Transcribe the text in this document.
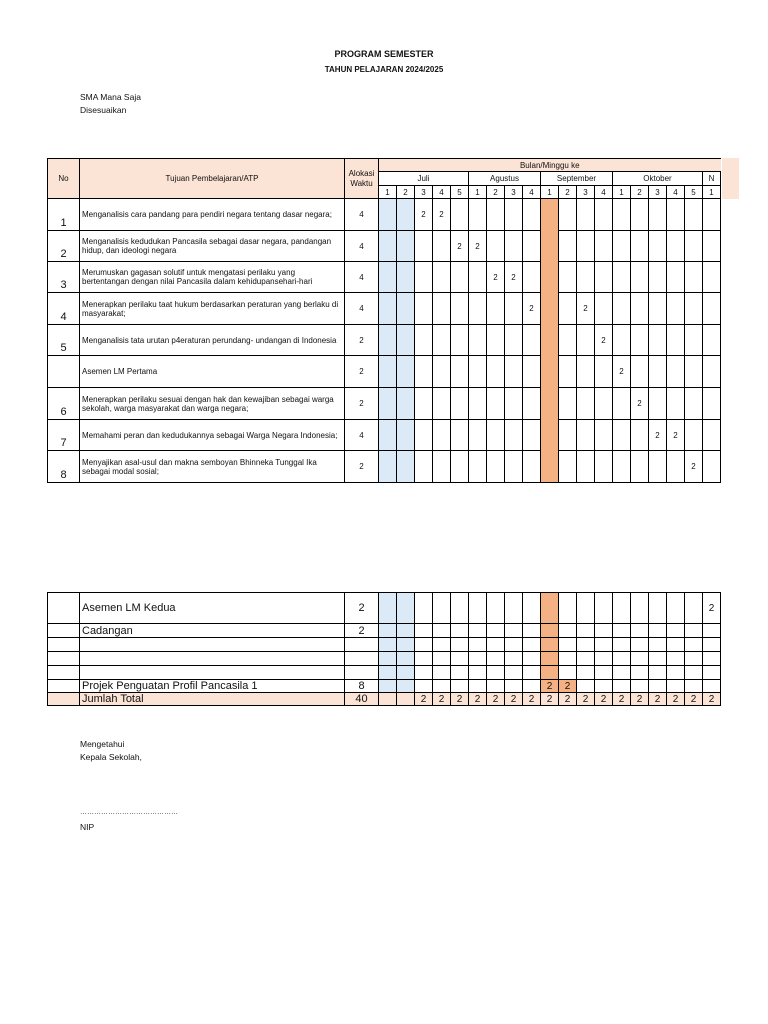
PROGRAM SEMESTER
TAHUN PELAJARAN 2024/2025
SMA Mana Saja
Disesuaikan
No	Tujuan Pembelajaran/ATP	Alokasi Waktu	Bulan/Minggu ke																		
			Juli					Agustus				September				Oktober					N
			1	2	3	4	5	1	2	3	4	1	2	3	4	1	2	3	4	5	1
1	Menganalisis cara pandang para pendiri negara tentang dasar negara;	4			2	2															
2	Menganalisis kedudukan Pancasila sebagai dasar negara, pandangan hidup, dan ideologi negara	4					2	2													
3	Merumuskan gagasan solutif untuk mengatasi perilaku yang bertentangan dengan nilai Pancasila dalam kehidupansehari-hari	4							2	2											
4	Menerapkan perilaku taat hukum berdasarkan peraturan yang berlaku di masyarakat;	4									2			2							
5	Menganalisis tata urutan p4eraturan perundang- undangan di Indonesia	2													2						
	Asemen LM Pertama	2														2					
6	Menerapkan perilaku sesuai dengan hak dan kewajiban sebagai warga sekolah, warga masyarakat dan warga negara;	2															2				
7	Memahami peran dan kedudukannya sebagai Warga Negara Indonesia;	4																2	2		
8	Menyajikan asal-usul dan makna semboyan Bhinneka Tunggal Ika sebagai modal sosial;	2																		2	
	Asemen LM Kedua	2																			2
	Cadangan	2																			

	Projek Penguatan Profil Pancasila 1	8										2	2								
	Jumlah Total	40			2	2	2	2	2	2	2	2	2	2	2	2	2	2	2	2	2
Mengetahui
Kepala Sekolah,
……………………………………
NIP
